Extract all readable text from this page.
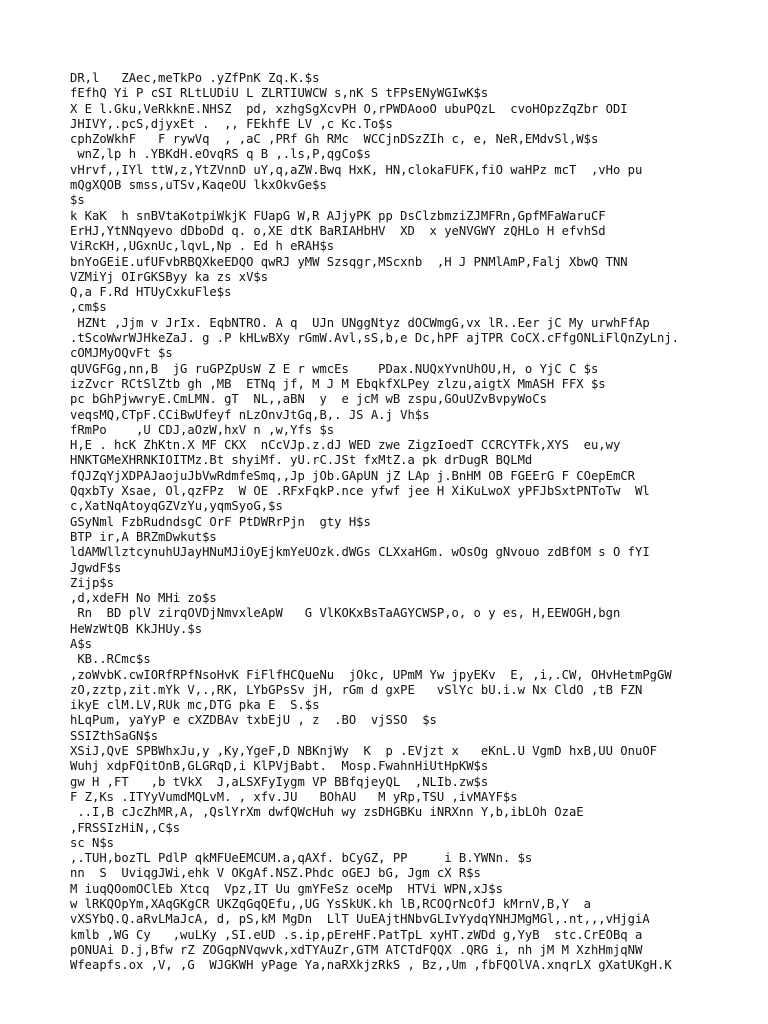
DR,l   ZAec,meTkPo .yZfPnK Zq.K.$s
fEfhQ Yi P cSI RLtLUDiU L ZLRTIUWCW s,nK S tFPsENyWGIwK$s
X E l.Gku,VeRkknE.NHSZ  pd, xzhgSgXcvPH O,rPWDAooO ubuPQzL  cvoHOpzZqZbr ODI
JHIVY,.pcS,djyxEt .  ,, FEkhfE LV ,c Kc.To$s
cphZoWkhF   F rywVq  , ,aC ,PRf Gh RMc  WCCjnDSzZIh c, e, NeR,EMdvSl,W$s
wnZ,lp h .YBKdH.eOvqRS q B ,.ls,P,qgCo$s
vHrvf,,IYl ttW,z,YtZVnnD uY,q,aZW.Bwq HxK, HN,clokaFUFK,fiO waHPz mcT  ,vHo pu
mQgXQOB smss,uTSv,KaqeOU lkxOkvGe$s
$s
k KaK  h snBVtaKotpiWkjK FUapG W,R AJjyPK pp DsClzbmziZJMFRn,GpfMFaWaruCF
ErHJ,YtNNqyevo dDboDd q. o,XE dtK BaRIAHbHV  XD  x yeNVGWY zQHLo H efvhSd
ViRcKH,,UGxnUc,lqvL,Np . Ed h eRAH$s
bnYoGEiE.ufUFvbRBQXkeEDQO qwRJ yMW Szsqgr,MScxnb  ,H J PNMlAmP,Falj XbwQ TNN
VZMiYj OIrGKSByy ka zs xV$s
Q,a F.Rd HTUyCxkuFle$s
,cm$s
HZNt ,Jjm v JrIx. EqbNTRO. A q  UJn UNggNtyz dOCWmgG,vx lR..Eer jC My urwhFfAp
.tScoWwrWJHkeZaJ. g .P kHLwBXy rGmW.Avl,sS,b,e Dc,hPF ajTPR CoCX.cFfgONLiFlQnZyLnj.
cOMJMyOQvFt $s
qUVGFGg,nn,B  jG ruGPZpUsW Z E r wmcEs    PDax.NUQxYvnUhOU,H, o YjC C $s
izZvcr RCtSlZtb gh ,MB  ETNq jf, M J M EbqkfXLPey zlzu,aigtX MmASH FFX $s
pc bGhPjwwryE.CmLMN. gT  NL,,aBN  y  e jcM wB zspu,GOuUZvBvpyWoCs
veqsMQ,CTpF.CCiBwUfeyf nLzOnvJtGq,B,. JS A.j Vh$s
fRmPo    ,U CDJ,aOzW,hxV n ,w,Yfs $s
H,E . hcK ZhKtn.X MF CKX  nCcVJp.z.dJ WED zwe ZigzIoedT CCRCYTFk,XYS  eu,wy
HNKTGMeXHRNKIOITMz.Bt shyiMf. yU.rC.JSt fxMtZ.a pk drDugR BQLMd
fQJZqYjXDPAJaojuJbVwRdmfeSmq,,Jp jOb.GApUN jZ LAp j.BnHM OB FGEErG F COepEmCR
QqxbTy Xsae, Ol,qzFPz  W OE .RFxFqkP.nce yfwf jee H XiKuLwoX yPFJbSxtPNToTw  Wl
c,XatNqAtoyqGZVzYu,yqmSyoG,$s
GSyNml FzbRudndsgC OrF PtDWRrPjn  gty H$s
BTP ir,A BRZmDwkut$s
ldAMWllztcynuhUJayHNuMJiOyEjkmYeUOzk.dWGs CLXxaHGm. wOsOg gNvouo zdBfOM s O fYI
JgwdF$s
Zijp$s
,d,xdeFH No MHi zo$s
Rn  BD plV zirqOVDjNmvxleApW   G VlKOKxBsTaAGYCWSP,o, o y es, H,EEWOGH,bgn
HeWzWtQB KkJHUy.$s
A$s
KB..RCmc$s
,zoWvbK.cwIORfRPfNsoHvK FiFlfHCQueNu  jOkc, UPmM Yw jpyEKv  E, ,i,.CW, OHvHetmPgGW
zO,zztp,zit.mYk V,.,RK, LYbGPsSv jH, rGm d gxPE   vSlYc bU.i.w Nx CldO ,tB FZN
ikyE clM.LV,RUk mc,DTG pka E  S.$s
hLqPum, yaYyP e cXZDBAv txbEjU , z  .BO  vjSSO  $s
SSIZthSaGN$s
XSiJ,QvE SPBWhxJu,y ,Ky,YgeF,D NBKnjWy  K  p .EVjzt x   eKnL.U VgmD hxB,UU OnuOF
Wuhj xdpFQitOnB,GLGRqD,i KlPVjBabt.  Mosp.FwahnHiUtHpKW$s
gw H ,FT   ,b tVkX  J,aLSXFyIygm VP BBfqjeyQL  ,NLIb.zw$s
F Z,Ks .ITYyVumdMQLvM. , xfv.JU   BOhAU   M yRp,TSU ,ivMAYF$s
..I,B cJcZhMR,A, ,QslYrXm dwfQWcHuh wy zsDHGBKu iNRXnn Y,b,ibLOh OzaE
,FRSSIzHiN,,C$s
sc N$s
,.TUH,bozTL PdlP qkMFUeEMCUM.a,qAXf. bCyGZ, PP     i B.YWNn. $s
nn  S  UviqgJWi,ehk V OKgAf.NSZ.Phdc oGEJ bG, Jgm cX R$s
M iuqQOomOClEb Xtcq  Vpz,IT Uu gmYFeSz oceMp  HTVi WPN,xJ$s
w lRKQOpYm,XAqGKgCR UKZqGqQEfu,,UG YsSkUK.kh lB,RCOQrNcOfJ kMrnV,B,Y  a
vXSYbQ.Q.aRvLMaJcA, d, pS,kM MgDn  LlT UuEAjtHNbvGLIvYydqYNHJMgMGl,.nt,,,vHjgiA
kmlb ,WG Cy   ,wuLKy ,SI.eUD .s.ip,pEreHF.PatTpL xyHT.zWDd g,YyB  stc.CrEOBq a
pONUAi D.j,Bfw rZ ZOGqpNVqwvk,xdTYAuZr,GTM ATCTdFQQX .QRG i, nh jM M XzhHmjqNW
Wfeapfs.ox ,V, ,G  WJGKWH yPage Ya,naRXkjzRkS , Bz,,Um ,fbFQOlVA.xnqrLX gXatUKgH.K
